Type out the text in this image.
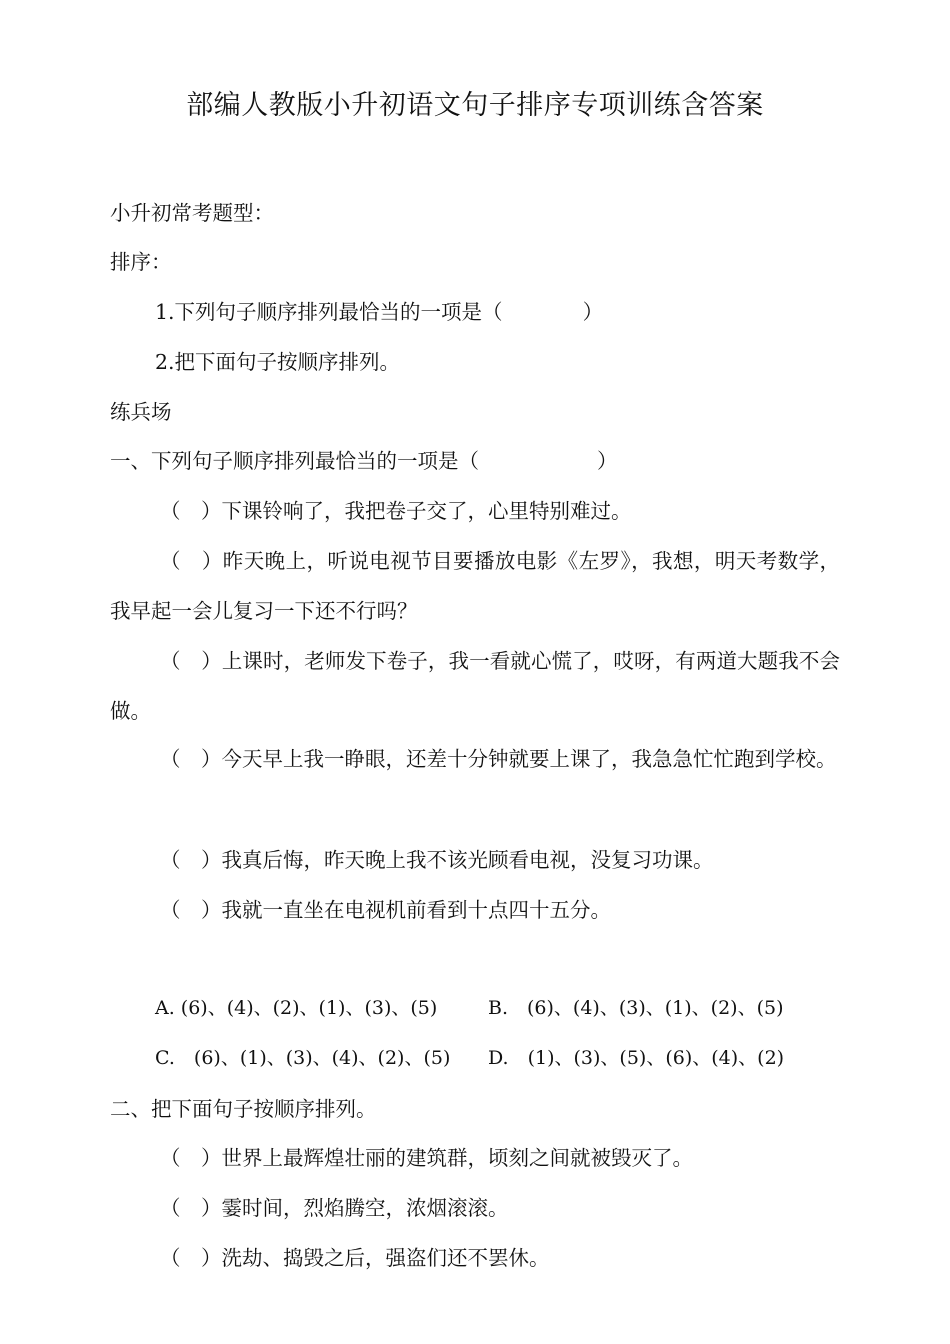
部编人教版小升初语文句子排序专项训练含答案
小升初常考题型：
排序：
1.下列句子顺序排列最恰当的一项是（	）
2.把下面句子按顺序排列。
练兵场
一、下列句子顺序排列最恰当的一项是（	）
（　）下课铃响了，我把卷子交了，心里特别难过。
（　）昨天晚上，听说电视节目要播放电影《左罗》，我想，明天考数学，我早起一会儿复习一下还不行吗？
（　）上课时，老师发下卷子，我一看就心慌了，哎呀，有两道大题我不会做。
（　）今天早上我一睁眼，还差十分钟就要上课了，我急急忙忙跑到学校。
（　）我真后悔，昨天晚上我不该光顾看电视，没复习功课。
（　）我就一直坐在电视机前看到十点四十五分。
A. (6)、(4)、(2)、(1)、(3)、(5)	B.　(6)、(4)、(3)、(1)、(2)、(5)
C.　(6)、(1)、(3)、(4)、(2)、(5) D.　(1)、(3)、(5)、(6)、(4)、(2)
二、把下面句子按顺序排列。
（　）世界上最辉煌壮丽的建筑群，顷刻之间就被毁灭了。
（　）霎时间，烈焰腾空，浓烟滚滚。
（　）洗劫、捣毁之后，强盗们还不罢休。
